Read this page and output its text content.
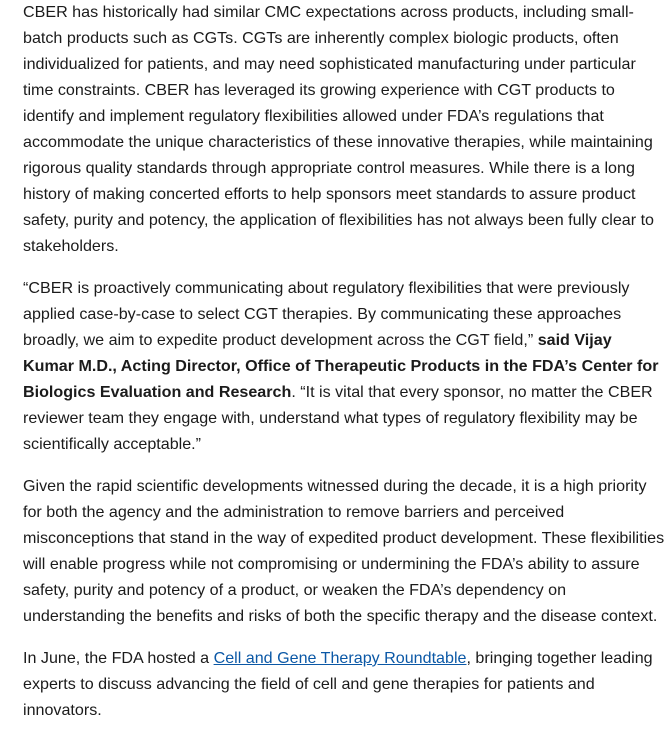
CBER has historically had similar CMC expectations across products, including small-
batch products such as CGTs. CGTs are inherently complex biologic products, often
individualized for patients, and may need sophisticated manufacturing under particular
time constraints. CBER has leveraged its growing experience with CGT products to
identify and implement regulatory flexibilities allowed under FDA’s regulations that
accommodate the unique characteristics of these innovative therapies, while maintaining
rigorous quality standards through appropriate control measures. While there is a long
history of making concerted efforts to help sponsors meet standards to assure product
safety, purity and potency, the application of flexibilities has not always been fully clear to
stakeholders.

“CBER is proactively communicating about regulatory flexibilities that were previously
applied case-by-case to select CGT therapies. By communicating these approaches
broadly, we aim to expedite product development across the CGT field,” said Vijay
Kumar M.D., Acting Director, Office of Therapeutic Products in the FDA’s Center for
Biologics Evaluation and Research. “It is vital that every sponsor, no matter the CBER
reviewer team they engage with, understand what types of regulatory flexibility may be
scientifically acceptable.”

Given the rapid scientific developments witnessed during the decade, it is a high priority
for both the agency and the administration to remove barriers and perceived
misconceptions that stand in the way of expedited product development. These flexibilities
will enable progress while not compromising or undermining the FDA’s ability to assure
safety, purity and potency of a product, or weaken the FDA’s dependency on
understanding the benefits and risks of both the specific therapy and the disease context.

In June, the FDA hosted a Cell and Gene Therapy Roundtable, bringing together leading
experts to discuss advancing the field of cell and gene therapies for patients and
innovators.
